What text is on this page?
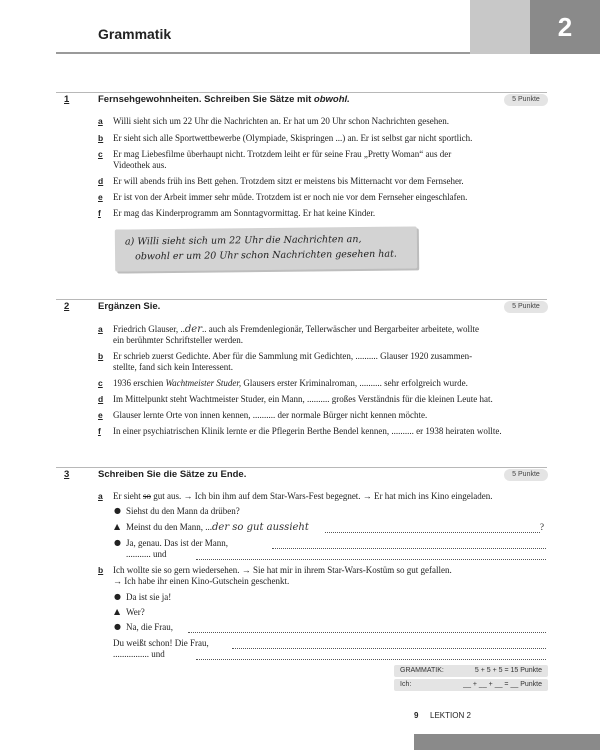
Grammatik	2
1	Fernsehgewohnheiten. Schreiben Sie Sätze mit obwohl.	5 Punkte
a	Willi sieht sich um 22 Uhr die Nachrichten an. Er hat um 20 Uhr schon Nachrichten gesehen.
b	Er sieht sich alle Sportwettbewerbe (Olympiade, Skispringen ...) an. Er ist selbst gar nicht sportlich.
c	Er mag Liebesfilme überhaupt nicht. Trotzdem leiht er für seine Frau „Pretty Woman“ aus der
Videothek aus.
d	Er will abends früh ins Bett gehen. Trotzdem sitzt er meistens bis Mitternacht vor dem Fernseher.
e	Er ist von der Arbeit immer sehr müde. Trotzdem ist er noch nie vor dem Fernseher eingeschlafen.
f	Er mag das Kinderprogramm am Sonntagvormittag. Er hat keine Kinder.
a) Willi sieht sich um 22 Uhr die Nachrichten an,
obwohl er um 20 Uhr schon Nachrichten gesehen hat.
2	Ergänzen Sie.	5 Punkte
a	Friedrich Glauser, ..der.. auch als Fremdenlegionär, Tellerwäscher und Bergarbeiter arbeitete, wollte
ein berühmter Schriftsteller werden.
b	Er schrieb zuerst Gedichte. Aber für die Sammlung mit Gedichten, .......... Glauser 1920 zusammen-
stellte, fand sich kein Interessent.
c	1936 erschien Wachtmeister Studer, Glausers erster Kriminalroman, .......... sehr erfolgreich wurde.
d	Im Mittelpunkt steht Wachtmeister Studer, ein Mann, .......... großes Verständnis für die kleinen Leute hat.
e	Glauser lernte Orte von innen kennen, .......... der normale Bürger nicht kennen möchte.
f	In einer psychiatrischen Klinik lernte er die Pflegerin Berthe Bendel kennen, .......... er 1938 heiraten wollte.
3	Schreiben Sie die Sätze zu Ende.	5 Punkte
a	Er sieht so gut aus. → Ich bin ihm auf dem Star-Wars-Fest begegnet. → Er hat mich ins Kino eingeladen.
● Siehst du den Mann da drüben?
▲ Meinst du den Mann, ...der so gut aussieht	?
● Ja, genau. Das ist der Mann,
........... und
b	Ich wollte sie so gern wiedersehen. → Sie hat mir in ihrem Star-Wars-Kostüm so gut gefallen.
→ Ich habe ihr einen Kino-Gutschein geschenkt.
● Da ist sie ja!
▲ Wer?
● Na, die Frau,
Du weißt schon! Die Frau,
................ und
GRAMMATIK:	5 + 5 + 5 = 15 Punkte
Ich:	__ + __ + __ = __ Punkte
9 LEKTION 2
